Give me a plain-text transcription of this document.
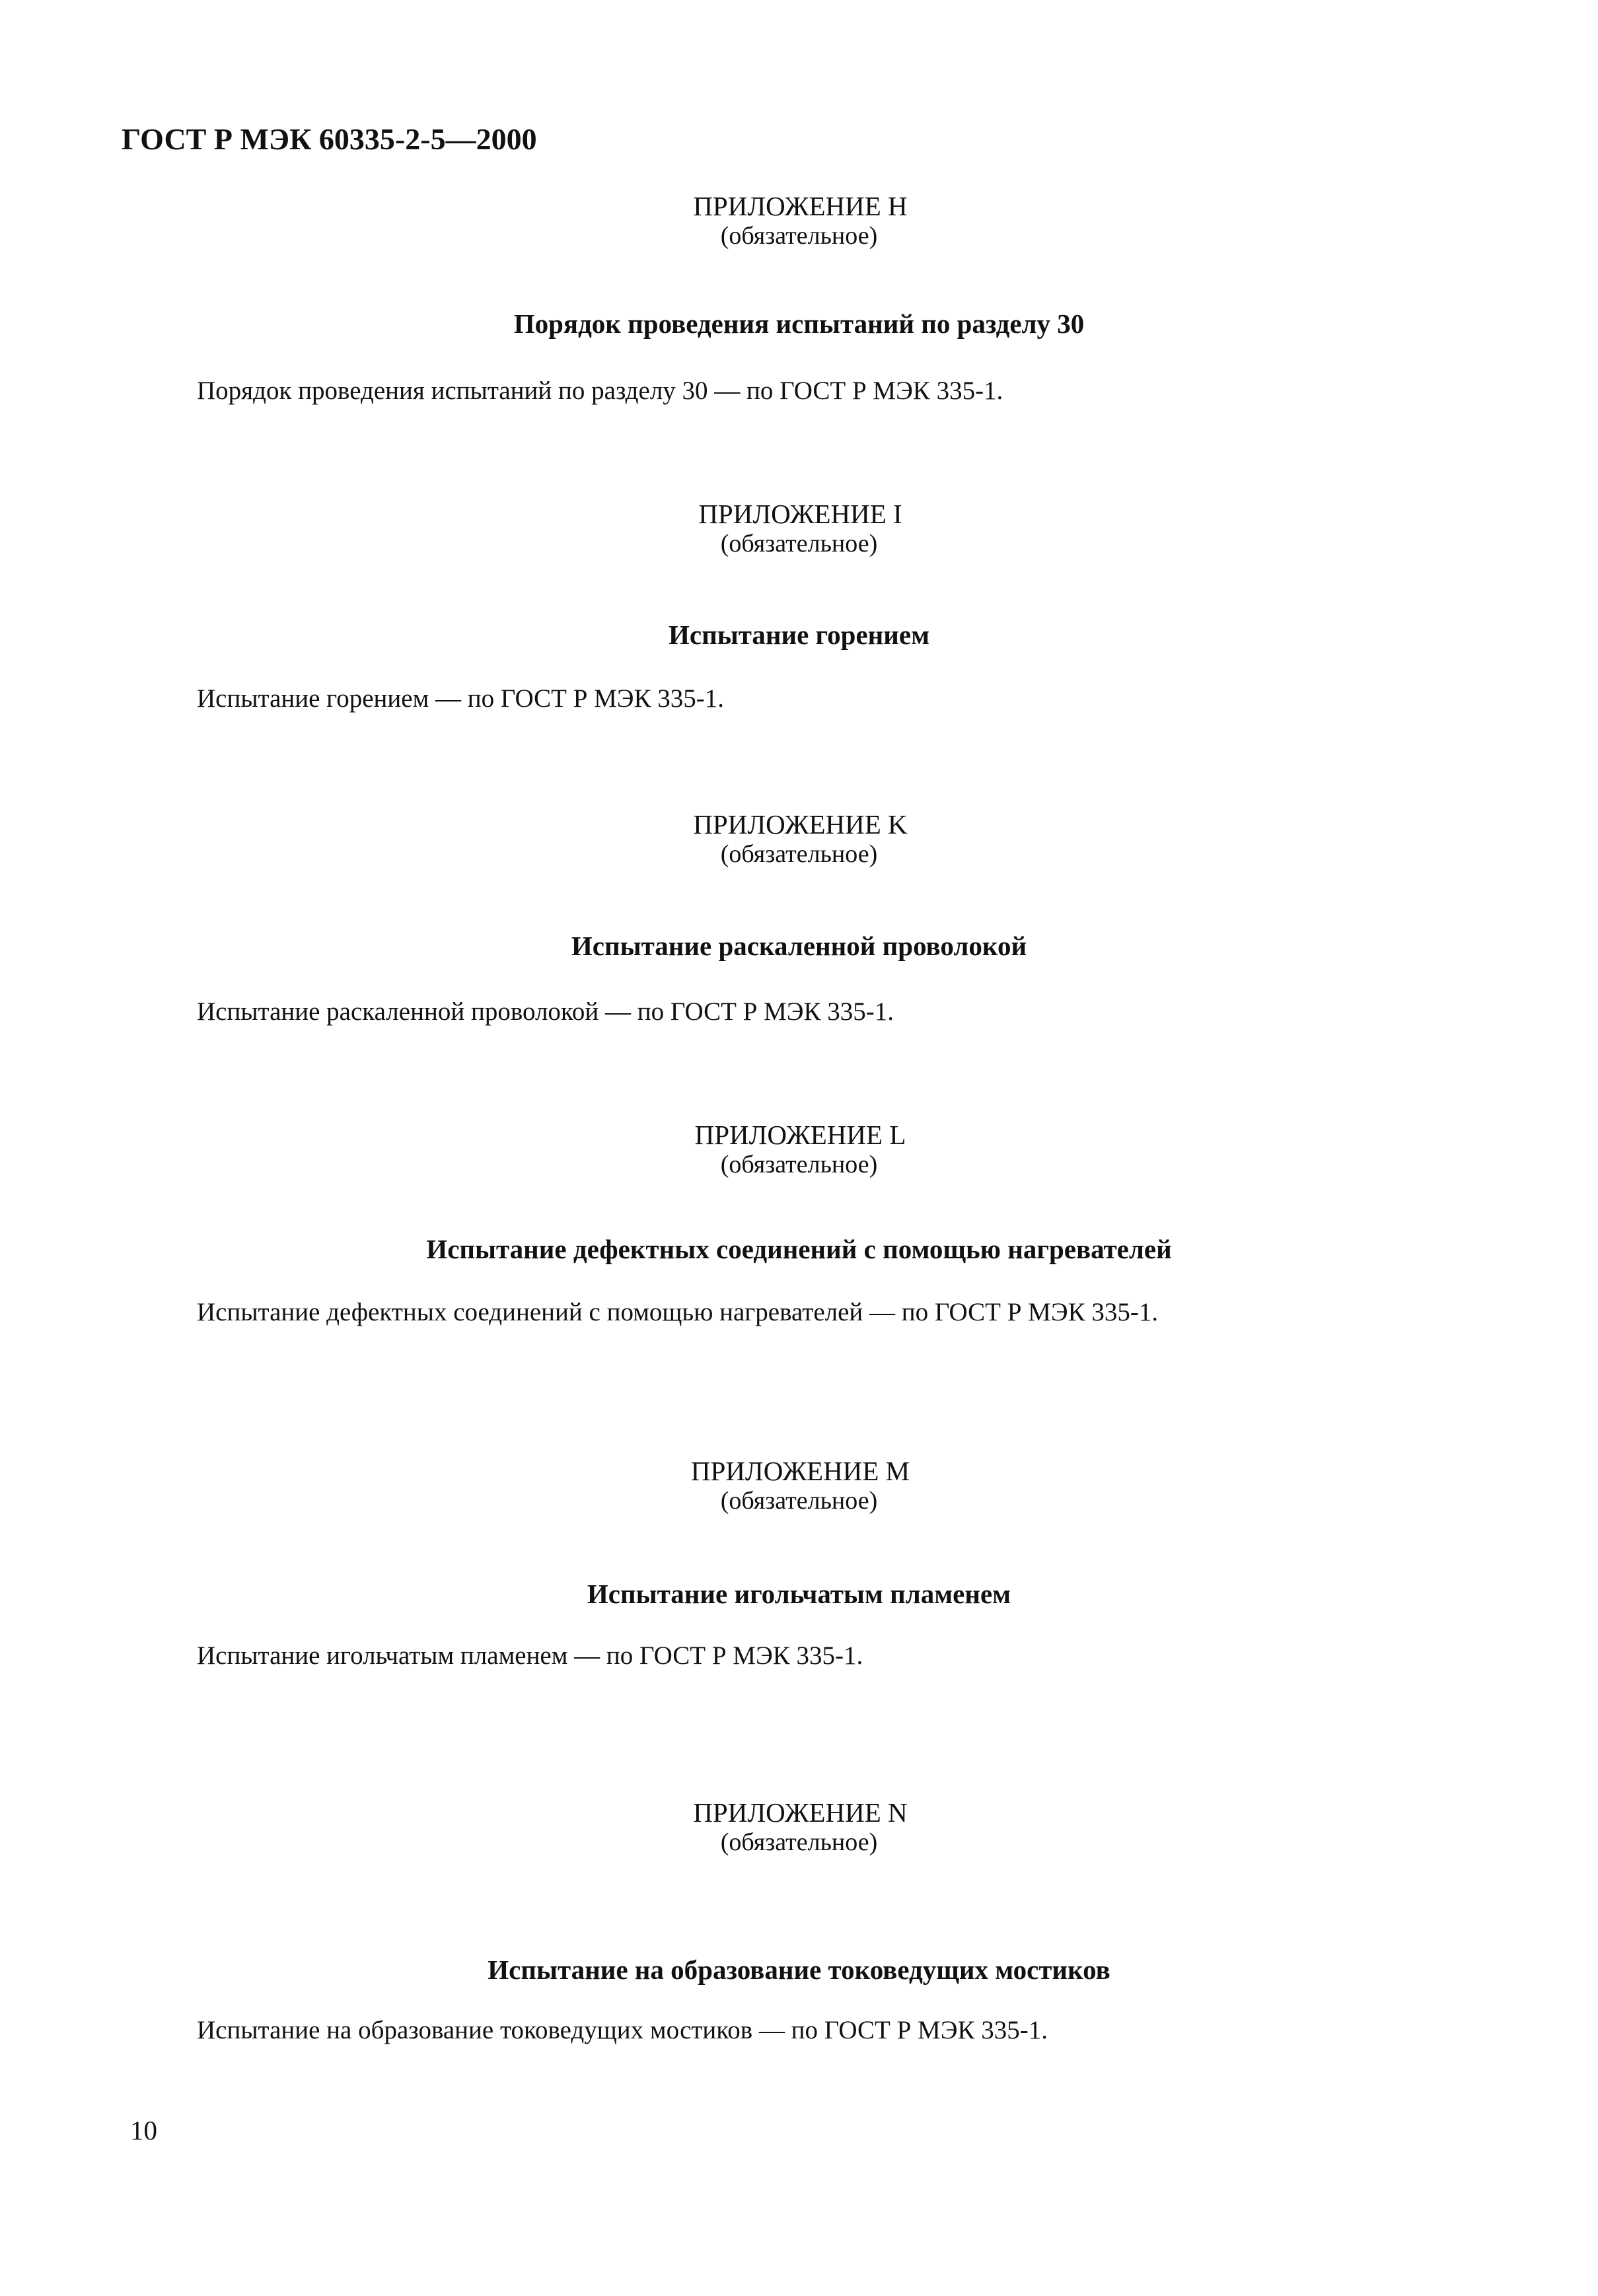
ГОСТ Р МЭК 60335-2-5—2000
ПРИЛОЖЕНИЕ H
(обязательное)
Порядок проведения испытаний по разделу 30
Порядок проведения испытаний по разделу 30 — по ГОСТ Р МЭК 335-1.
ПРИЛОЖЕНИЕ I
(обязательное)
Испытание горением
Испытание горением — по ГОСТ Р МЭК 335-1.
ПРИЛОЖЕНИЕ K
(обязательное)
Испытание раскаленной проволокой
Испытание раскаленной проволокой — по ГОСТ Р МЭК 335-1.
ПРИЛОЖЕНИЕ L
(обязательное)
Испытание дефектных соединений с помощью нагревателей
Испытание дефектных соединений с помощью нагревателей — по ГОСТ Р МЭК 335-1.
ПРИЛОЖЕНИЕ M
(обязательное)
Испытание игольчатым пламенем
Испытание игольчатым пламенем — по ГОСТ Р МЭК 335-1.
ПРИЛОЖЕНИЕ N
(обязательное)
Испытание на образование токоведущих мостиков
Испытание на образование токоведущих мостиков — по ГОСТ Р МЭК 335-1.
10
